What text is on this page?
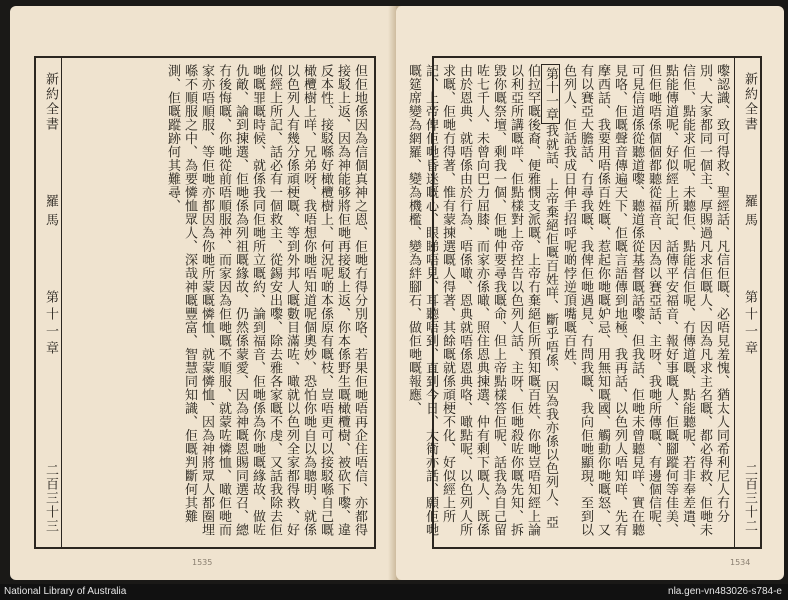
新約全書
羅馬
第十一章
二百三十三	但佢地係因為信個真神之恩、佢哋冇得分別咯、若果佢哋唔再企住唔信、亦都得接駁上返、因為神能够將佢哋再接駁上返、你本係野生嘅橄欖樹、被砍下嚟、違反本性、接駁喺好橄欖樹上、何況呢啲本係原有嘅枝、豈唔更可以接駁喺自己嘅橄欖樹上咩、兄弟呀、我唔想你哋唔知道呢個奧妙、恐怕你哋自以為聰明、就係以色列人有幾分係頑梗嘅、等到外邦人嘅數目滿咗、噉就以色列全家都得救、好似經上所記、話必有一個救主、從錫安出嚟、除去雅各家嘅不虔、又話我除去佢哋嘅罪嘅時候、就係我同佢哋所立嘅約、論到福音、佢哋係為你哋嘅緣故、做咗仇敵、論到揀選、佢哋係為列祖嘅緣故、仍然係蒙愛、因為神嘅恩賜同選召、總冇後悔嘅、你哋從前唔順服神、而家因為佢哋嘅不順服、就蒙咗憐恤、噉佢哋而家亦唔順服、等佢哋亦都因為你哋所蒙嘅憐恤、就蒙憐恤、因為神將眾人都圈埋喺不順服之中、為要憐恤眾人、深哉神嘅豐富、智慧同知識、佢嘅判斷何其難測、佢嘅蹤跡何其難尋、

1535
新約全書
羅馬
第十一章
二百三十二

嚟認識、致可得救、聖經話、凡信佢嘅、必唔見羞愧、猶太人同希利尼人冇分別、大家都同一個主、厚賜過凡求佢嘅人、因為凡求主名嘅、都必得救、佢哋未信佢、點能求佢呢、未聽佢、點能信佢呢、冇傳道嘅、點能聽呢、若非奉差遣、點能傳道呢、好似經上所記、話傳平安福音、報好事嘅人、佢嘅腳蹤何等佳美、但佢哋唔係個個都聽從福音、因為以賽亞話、主呀、我哋所傳嘅、有邊個信呢、可見信道係從聽道嚟、聽道係從基督嘅話嚟、但我話、佢哋未曾聽見咩、實在聽見咯、佢嘅聲音傳遍天下、佢嘅言語傳到地極、我再話、以色列人唔知咩、先有摩西話、我要用唔係百姓嘅、惹起你哋嘅妒忌、用無知嘅國、觸動你哋嘅怒、又有以賽亞大膽話、冇尋我嘅、我俾佢哋遇見、冇問我嘅、我向佢哋顯現、至到以色列人、佢話我成日伸手招呼呢啲悖逆頂嘴嘅百姓、

第十一章我就話、上帝棄絕佢嘅百姓咩、斷乎唔係、因為我亦係以色列人、亞伯拉罕嘅後裔、便雅憫支派嘅、上帝冇棄絕佢所預知嘅百姓、你哋豈唔知經上論以利亞所講嘅咩、佢點樣對上帝控告以色列人話、主呀、佢哋殺咗你嘅先知、拆毀你嘅祭壇、剩我一個、佢哋仲要尋我嘅命、但上帝點樣答佢呢、話我為自己留咗七千人、未曾向巴力屈膝、而家亦係噉、照住恩典揀選、仲有剩下嘅人、既係由於恩典、就唔係由於行為、唔係噉、恩典就唔係恩典咯、噉點呢、以色列人所求嘅、佢哋冇得著、惟有蒙揀選嘅人得著、其餘嘅就係頑梗不化、好似經上所記、上帝俾佢哋昏迷嘅心、眼睇唔見、耳聽唔到、直到今日、大衛亦話、願佢哋嘅筵席變為網羅、變為機檻、變為絆腳石、做佢哋嘅報應、

1534
National Library of Australia	nla.gen-vn483026-s784-e
